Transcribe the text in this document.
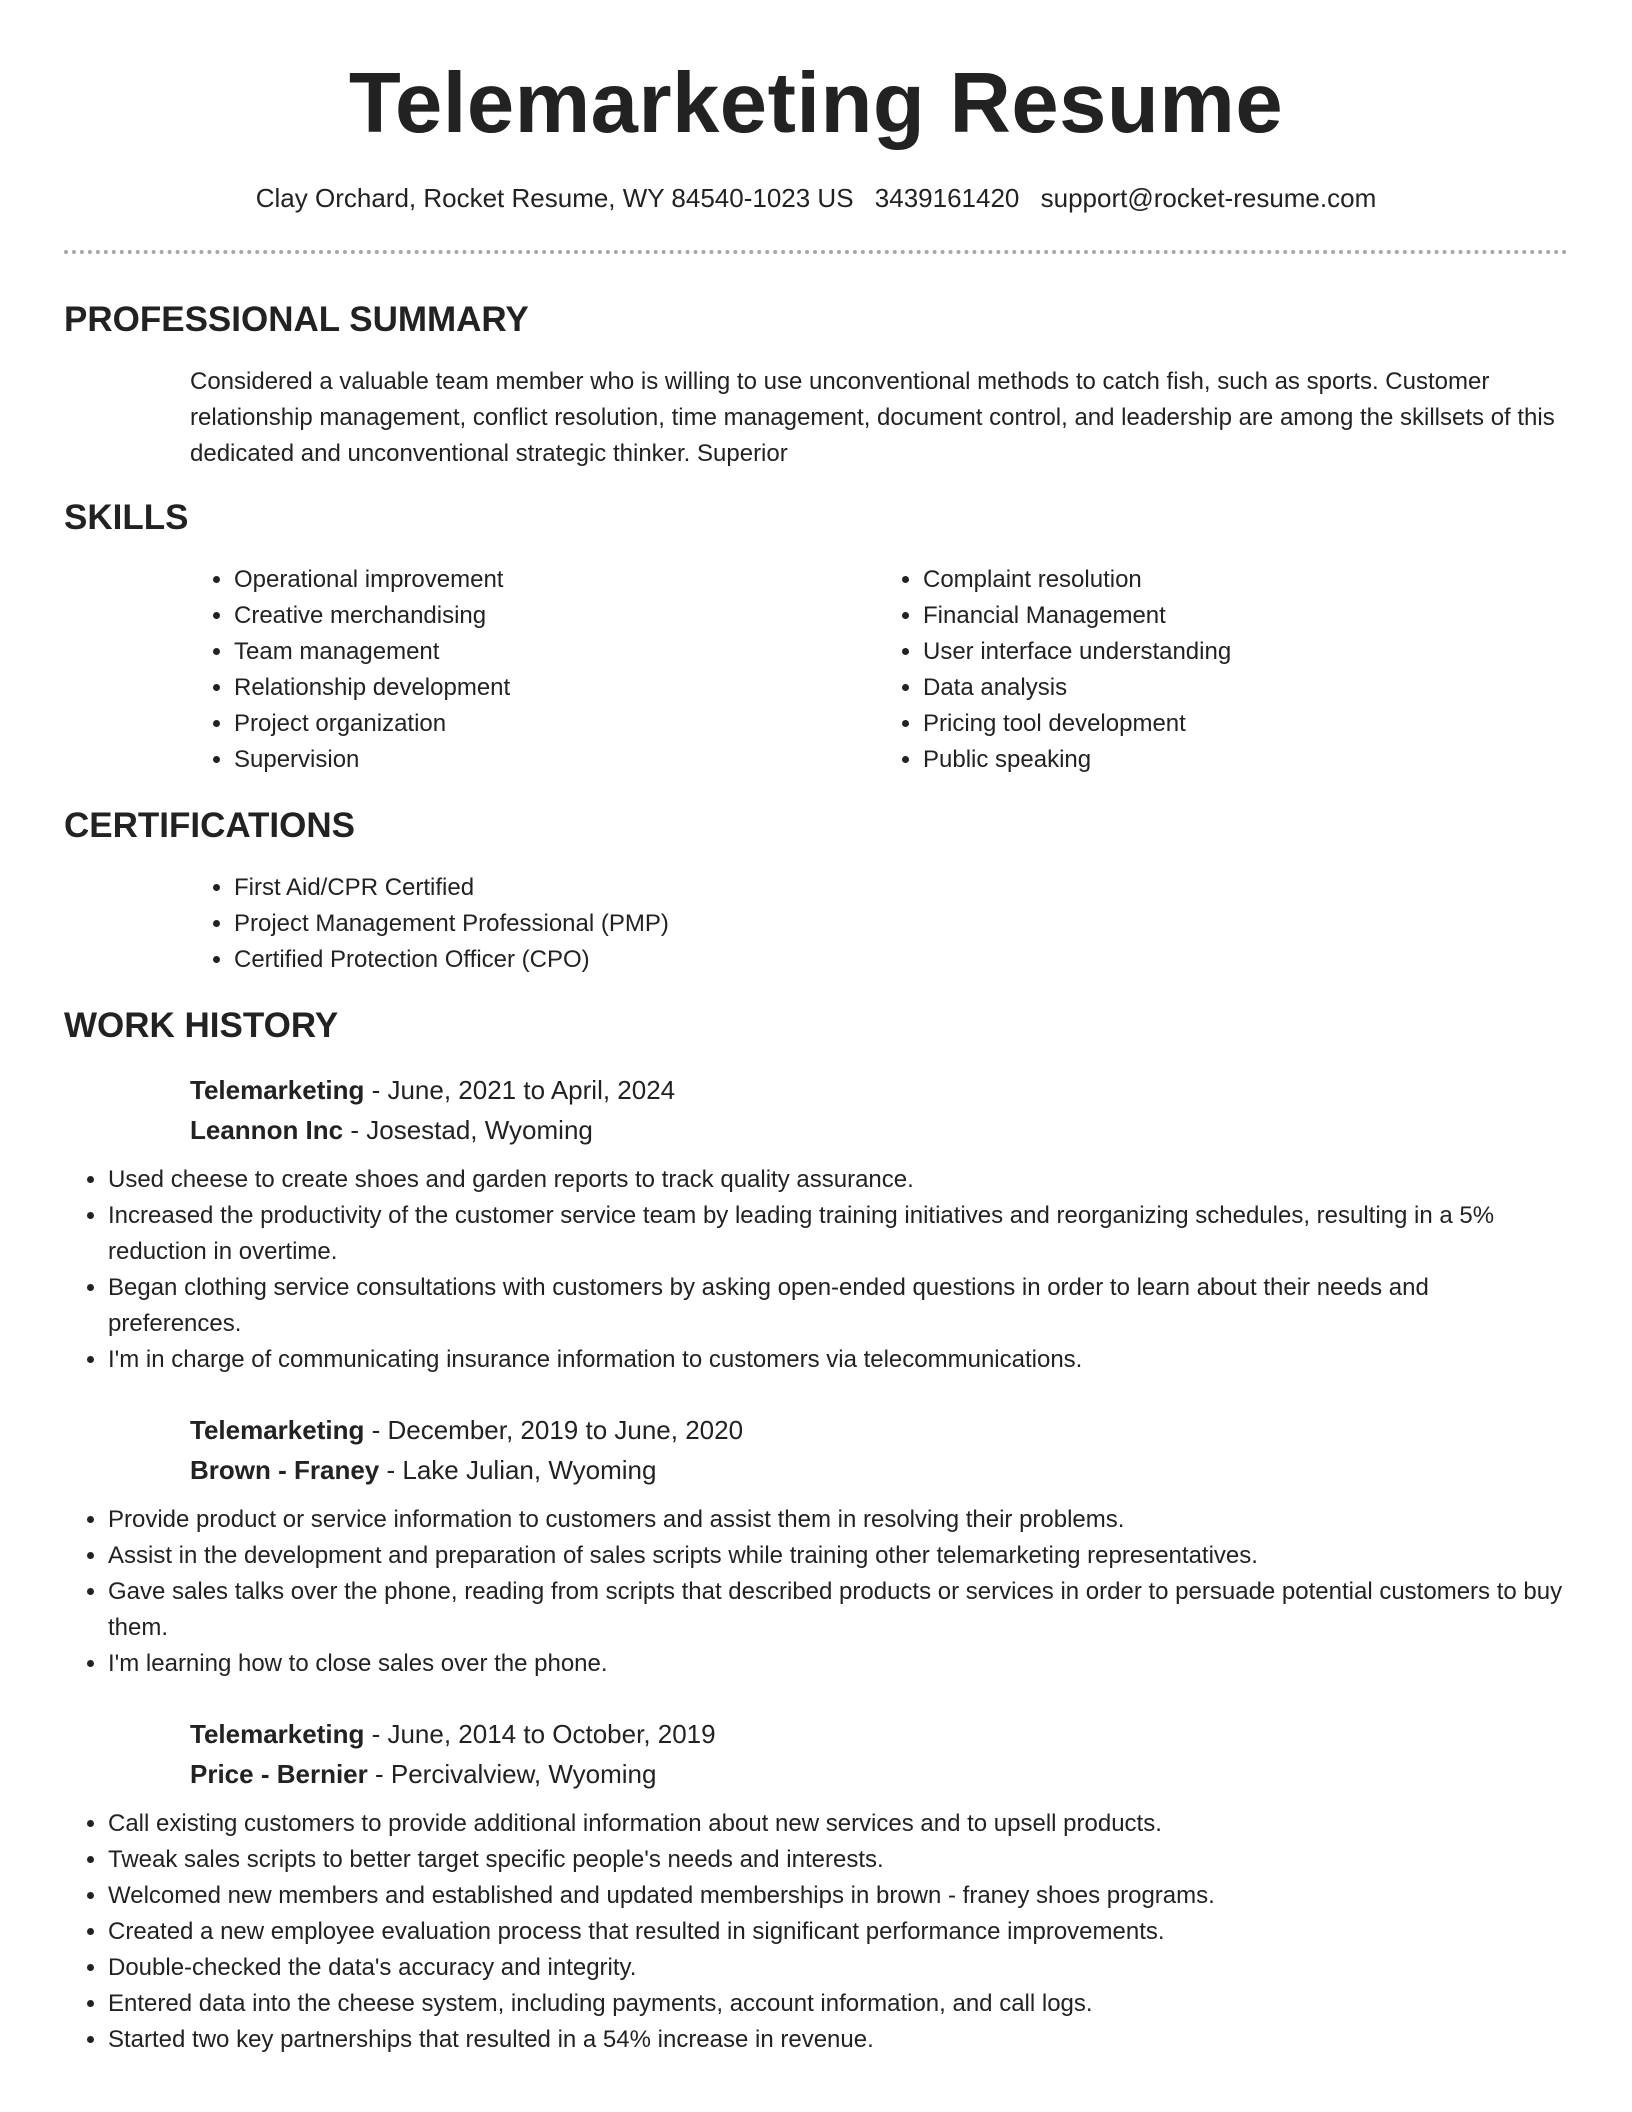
Telemarketing Resume
Clay Orchard, Rocket Resume, WY 84540-1023 US 3439161420 support@rocket-resume.com
PROFESSIONAL SUMMARY
Considered a valuable team member who is willing to use unconventional methods to catch fish, such as sports. Customer relationship management, conflict resolution, time management, document control, and leadership are among the skillsets of this dedicated and unconventional strategic thinker. Superior
SKILLS
• Operational improvement
• Creative merchandising
• Team management
• Relationship development
• Project organization
• Supervision
• Complaint resolution
• Financial Management
• User interface understanding
• Data analysis
• Pricing tool development
• Public speaking
CERTIFICATIONS
• First Aid/CPR Certified
• Project Management Professional (PMP)
• Certified Protection Officer (CPO)
WORK HISTORY
Telemarketing - June, 2021 to April, 2024
Leannon Inc - Josestad, Wyoming
• Used cheese to create shoes and garden reports to track quality assurance.
• Increased the productivity of the customer service team by leading training initiatives and reorganizing schedules, resulting in a 5% reduction in overtime.
• Began clothing service consultations with customers by asking open-ended questions in order to learn about their needs and preferences.
• I'm in charge of communicating insurance information to customers via telecommunications.
Telemarketing - December, 2019 to June, 2020
Brown - Franey - Lake Julian, Wyoming
• Provide product or service information to customers and assist them in resolving their problems.
• Assist in the development and preparation of sales scripts while training other telemarketing representatives.
• Gave sales talks over the phone, reading from scripts that described products or services in order to persuade potential customers to buy them.
• I'm learning how to close sales over the phone.
Telemarketing - June, 2014 to October, 2019
Price - Bernier - Percivalview, Wyoming
• Call existing customers to provide additional information about new services and to upsell products.
• Tweak sales scripts to better target specific people's needs and interests.
• Welcomed new members and established and updated memberships in brown - franey shoes programs.
• Created a new employee evaluation process that resulted in significant performance improvements.
• Double-checked the data's accuracy and integrity.
• Entered data into the cheese system, including payments, account information, and call logs.
• Started two key partnerships that resulted in a 54% increase in revenue.
